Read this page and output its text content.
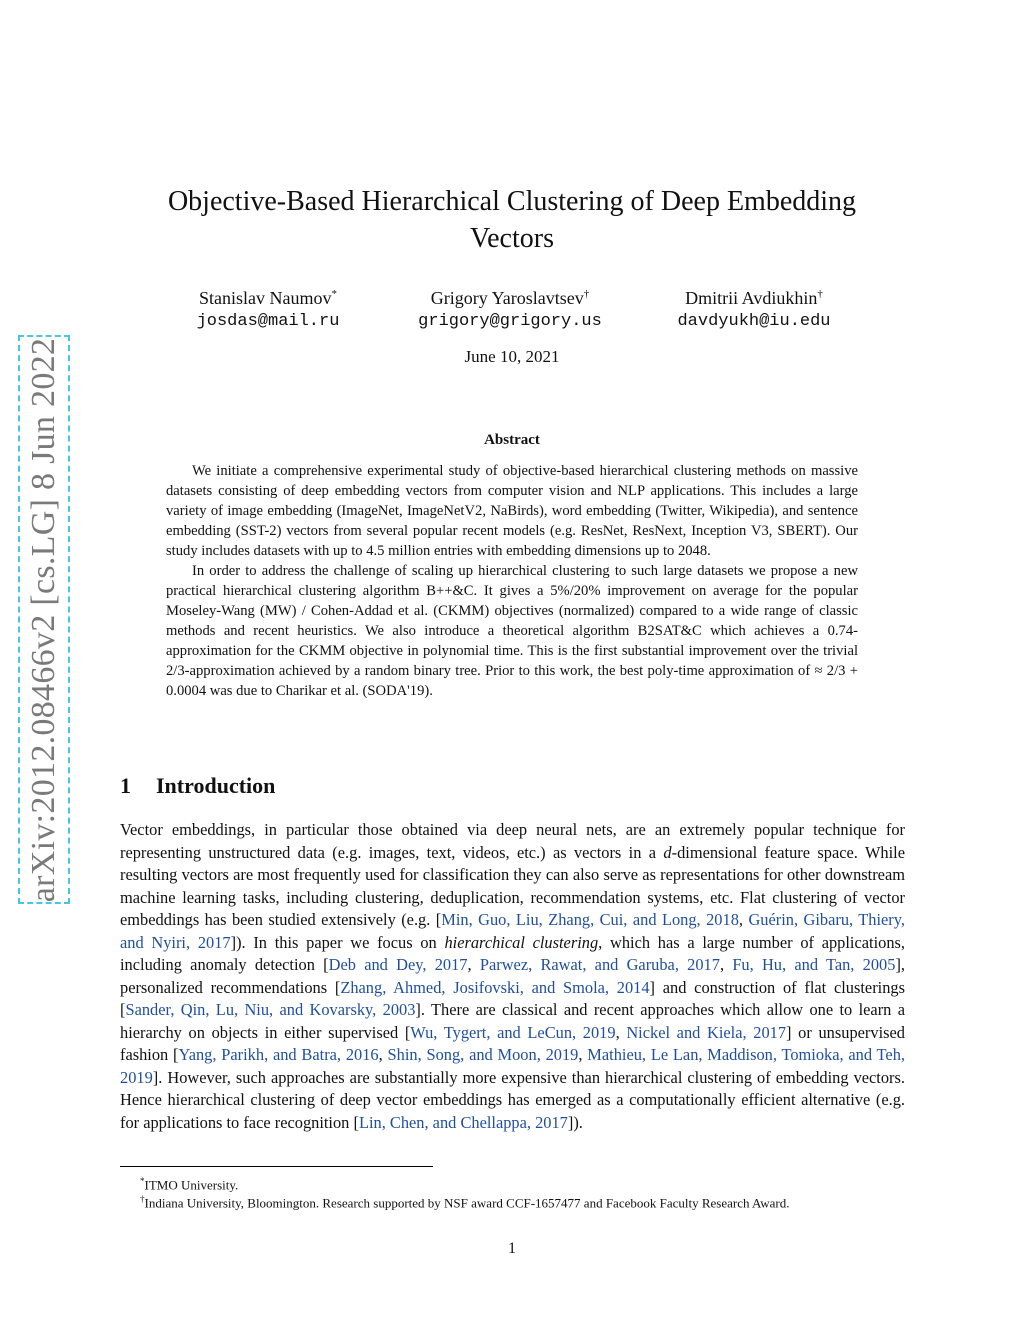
arXiv:2012.08466v2 [cs.LG] 8 Jun 2022
Objective-Based Hierarchical Clustering of Deep Embedding Vectors
Stanislav Naumov*
josdas@mail.ru
Grigory Yaroslavtsev†
grigory@grigory.us
Dmitrii Avdiukhin†
davdyukh@iu.edu
June 10, 2021
Abstract

We initiate a comprehensive experimental study of objective-based hierarchical clustering methods on massive datasets consisting of deep embedding vectors from computer vision and NLP applications. This includes a large variety of image embedding (ImageNet, ImageNetV2, NaBirds), word embedding (Twitter, Wikipedia), and sentence embedding (SST-2) vectors from several popular recent models (e.g. ResNet, ResNext, Inception V3, SBERT). Our study includes datasets with up to 4.5 million entries with embedding dimensions up to 2048.

In order to address the challenge of scaling up hierarchical clustering to such large datasets we propose a new practical hierarchical clustering algorithm B++&C. It gives a 5%/20% improvement on average for the popular Moseley-Wang (MW) / Cohen-Addad et al. (CKMM) objectives (normalized) compared to a wide range of classic methods and recent heuristics. We also introduce a theoretical algorithm B2SAT&C which achieves a 0.74-approximation for the CKMM objective in polynomial time. This is the first substantial improvement over the trivial 2/3-approximation achieved by a random binary tree. Prior to this work, the best poly-time approximation of ≈ 2/3 + 0.0004 was due to Charikar et al. (SODA'19).

1 Introduction

Vector embeddings, in particular those obtained via deep neural nets, are an extremely popular technique for representing unstructured data (e.g. images, text, videos, etc.) as vectors in a d-dimensional feature space. While resulting vectors are most frequently used for classification they can also serve as representations for other downstream machine learning tasks, including clustering, deduplication, recommendation systems, etc. Flat clustering of vector embeddings has been studied extensively (e.g. [Min, Guo, Liu, Zhang, Cui, and Long, 2018, Guérin, Gibaru, Thiery, and Nyiri, 2017]). In this paper we focus on hierarchical clustering, which has a large number of applications, including anomaly detection [Deb and Dey, 2017, Parwez, Rawat, and Garuba, 2017, Fu, Hu, and Tan, 2005], personalized recommendations [Zhang, Ahmed, Josifovski, and Smola, 2014] and construction of flat clusterings [Sander, Qin, Lu, Niu, and Kovarsky, 2003]. There are classical and recent approaches which allow one to learn a hierarchy on objects in either supervised [Wu, Tygert, and LeCun, 2019, Nickel and Kiela, 2017] or unsupervised fashion [Yang, Parikh, and Batra, 2016, Shin, Song, and Moon, 2019, Mathieu, Le Lan, Maddison, Tomioka, and Teh, 2019]. However, such approaches are substantially more expensive than hierarchical clustering of embedding vectors. Hence hierarchical clustering of deep vector embeddings has emerged as a computationally efficient alternative (e.g. for applications to face recognition [Lin, Chen, and Chellappa, 2017]).

*ITMO University.
†Indiana University, Bloomington. Research supported by NSF award CCF-1657477 and Facebook Faculty Research Award.
1
